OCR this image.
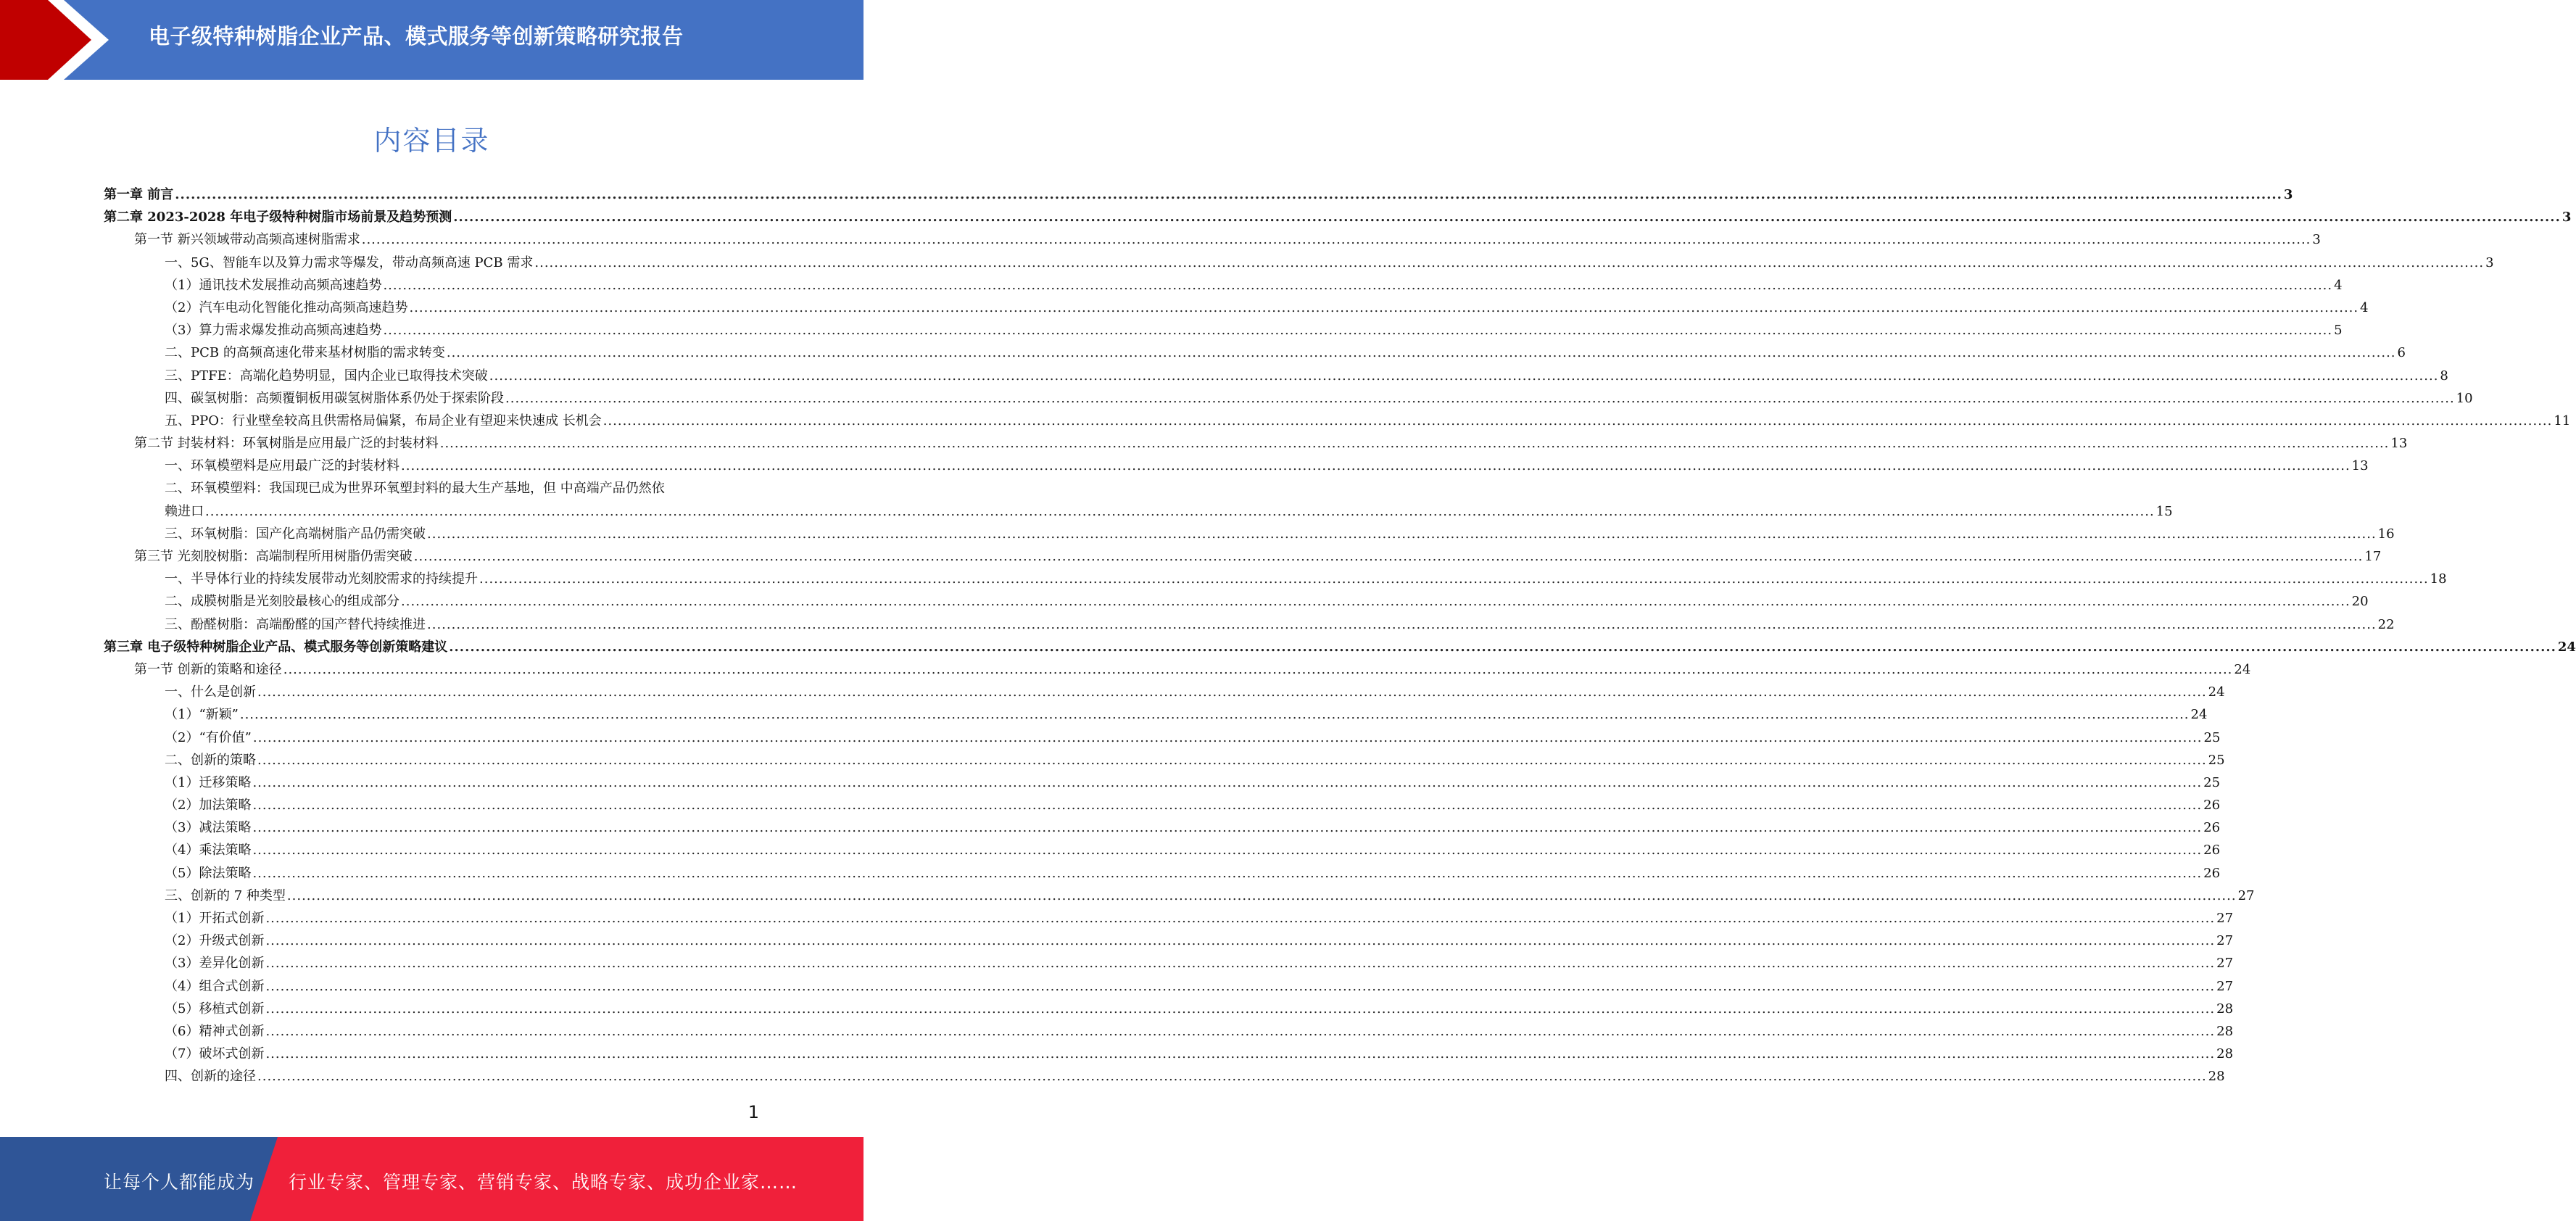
电子级特种树脂企业产品、模式服务等创新策略研究报告
内容目录
第一章 前言 ................................................................................................................................................................................................................................................................................................................................................................................................................ 3
第二章 2023-2028 年电子级特种树脂市场前景及趋势预测 ................................................................................................................................................................................................................................................................................................................................................................................................................ 3
第一节 新兴领域带动高频高速树脂需求 ................................................................................................................................................................................................................................................................................................................................................................................................................ 3
一、5G、智能车以及算力需求等爆发，带动高频高速 PCB 需求 ................................................................................................................................................................................................................................................................................................................................................................................................................ 3
（1）通讯技术发展推动高频高速趋势 ................................................................................................................................................................................................................................................................................................................................................................................................................ 4
（2）汽车电动化智能化推动高频高速趋势 ................................................................................................................................................................................................................................................................................................................................................................................................................ 4
（3）算力需求爆发推动高频高速趋势 ................................................................................................................................................................................................................................................................................................................................................................................................................ 5
二、PCB 的高频高速化带来基材树脂的需求转变 ................................................................................................................................................................................................................................................................................................................................................................................................................ 6
三、PTFE：高端化趋势明显，国内企业已取得技术突破 ................................................................................................................................................................................................................................................................................................................................................................................................................ 8
四、碳氢树脂：高频覆铜板用碳氢树脂体系仍处于探索阶段 ................................................................................................................................................................................................................................................................................................................................................................................................................ 10
五、PPO：行业壁垒较高且供需格局偏紧，布局企业有望迎来快速成 长机会 ................................................................................................................................................................................................................................................................................................................................................................................................................ 11
第二节 封装材料：环氧树脂是应用最广泛的封装材料 ................................................................................................................................................................................................................................................................................................................................................................................................................ 13
一、环氧模塑料是应用最广泛的封装材料 ................................................................................................................................................................................................................................................................................................................................................................................................................ 13
二、环氧模塑料：我国现已成为世界环氧塑封料的最大生产基地，但 中高端产品仍然依
赖进口 ................................................................................................................................................................................................................................................................................................................................................................................................................ 15
三、环氧树脂：国产化高端树脂产品仍需突破 ................................................................................................................................................................................................................................................................................................................................................................................................................ 16
第三节 光刻胶树脂：高端制程所用树脂仍需突破 ................................................................................................................................................................................................................................................................................................................................................................................................................ 17
一、半导体行业的持续发展带动光刻胶需求的持续提升 ................................................................................................................................................................................................................................................................................................................................................................................................................ 18
二、成膜树脂是光刻胶最核心的组成部分 ................................................................................................................................................................................................................................................................................................................................................................................................................ 20
三、酚醛树脂：高端酚醛的国产替代持续推进 ................................................................................................................................................................................................................................................................................................................................................................................................................ 22
第三章 电子级特种树脂企业产品、模式服务等创新策略建议 ................................................................................................................................................................................................................................................................................................................................................................................................................ 24
第一节 创新的策略和途径 ................................................................................................................................................................................................................................................................................................................................................................................................................ 24
一、什么是创新 ................................................................................................................................................................................................................................................................................................................................................................................................................ 24
（1）“新颖” ................................................................................................................................................................................................................................................................................................................................................................................................................ 24
（2）“有价值” ................................................................................................................................................................................................................................................................................................................................................................................................................ 25
二、创新的策略 ................................................................................................................................................................................................................................................................................................................................................................................................................ 25
（1）迁移策略 ................................................................................................................................................................................................................................................................................................................................................................................................................ 25
（2）加法策略 ................................................................................................................................................................................................................................................................................................................................................................................................................ 26
（3）减法策略 ................................................................................................................................................................................................................................................................................................................................................................................................................ 26
（4）乘法策略 ................................................................................................................................................................................................................................................................................................................................................................................................................ 26
（5）除法策略 ................................................................................................................................................................................................................................................................................................................................................................................................................ 26
三、创新的 7 种类型 ................................................................................................................................................................................................................................................................................................................................................................................................................ 27
（1）开拓式创新 ................................................................................................................................................................................................................................................................................................................................................................................................................ 27
（2）升级式创新 ................................................................................................................................................................................................................................................................................................................................................................................................................ 27
（3）差异化创新 ................................................................................................................................................................................................................................................................................................................................................................................................................ 27
（4）组合式创新 ................................................................................................................................................................................................................................................................................................................................................................................................................ 27
（5）移植式创新 ................................................................................................................................................................................................................................................................................................................................................................................................................ 28
（6）精神式创新 ................................................................................................................................................................................................................................................................................................................................................................................................................ 28
（7）破坏式创新 ................................................................................................................................................................................................................................................................................................................................................................................................................ 28
四、创新的途径 ................................................................................................................................................................................................................................................................................................................................................................................................................ 28
1
让每个人都能成为 行业专家、管理专家、营销专家、战略专家、成功企业家……
